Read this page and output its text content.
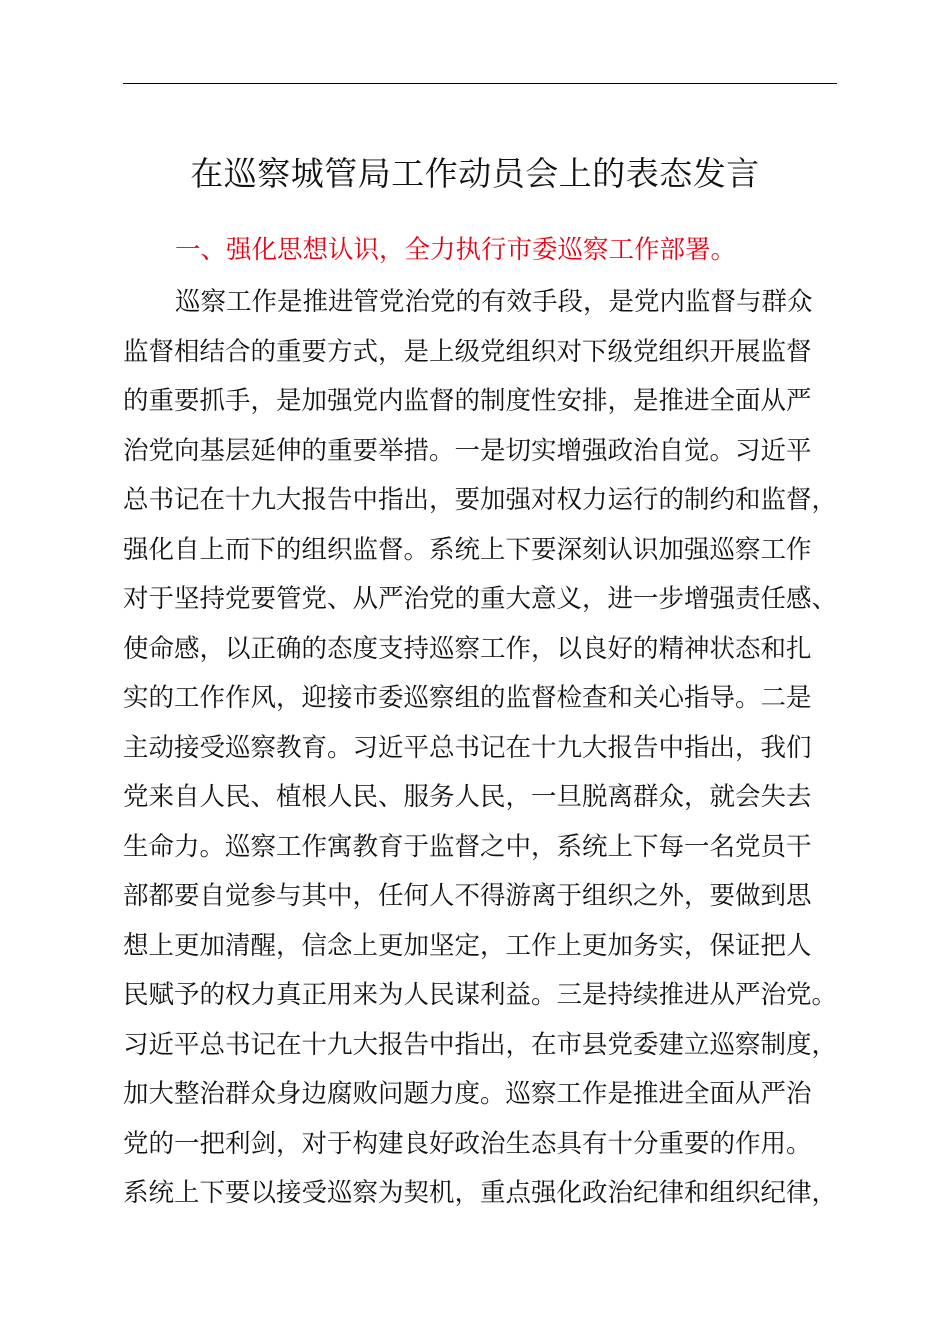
在巡察城管局工作动员会上的表态发言
一、强化思想认识，全力执行市委巡察工作部署。
巡察工作是推进管党治党的有效手段，是党内监督与群众
监督相结合的重要方式，是上级党组织对下级党组织开展监督
的重要抓手，是加强党内监督的制度性安排，是推进全面从严
治党向基层延伸的重要举措。一是切实增强政治自觉。习近平
总书记在十九大报告中指出，要加强对权力运行的制约和监督，
强化自上而下的组织监督。系统上下要深刻认识加强巡察工作
对于坚持党要管党、从严治党的重大意义，进一步增强责任感、
使命感，以正确的态度支持巡察工作，以良好的精神状态和扎
实的工作作风，迎接市委巡察组的监督检查和关心指导。二是
主动接受巡察教育。习近平总书记在十九大报告中指出，我们
党来自人民、植根人民、服务人民，一旦脱离群众，就会失去
生命力。巡察工作寓教育于监督之中，系统上下每一名党员干
部都要自觉参与其中，任何人不得游离于组织之外，要做到思
想上更加清醒，信念上更加坚定，工作上更加务实，保证把人
民赋予的权力真正用来为人民谋利益。三是持续推进从严治党。
习近平总书记在十九大报告中指出，在市县党委建立巡察制度，
加大整治群众身边腐败问题力度。巡察工作是推进全面从严治
党的一把利剑，对于构建良好政治生态具有十分重要的作用。
系统上下要以接受巡察为契机，重点强化政治纪律和组织纪律，
